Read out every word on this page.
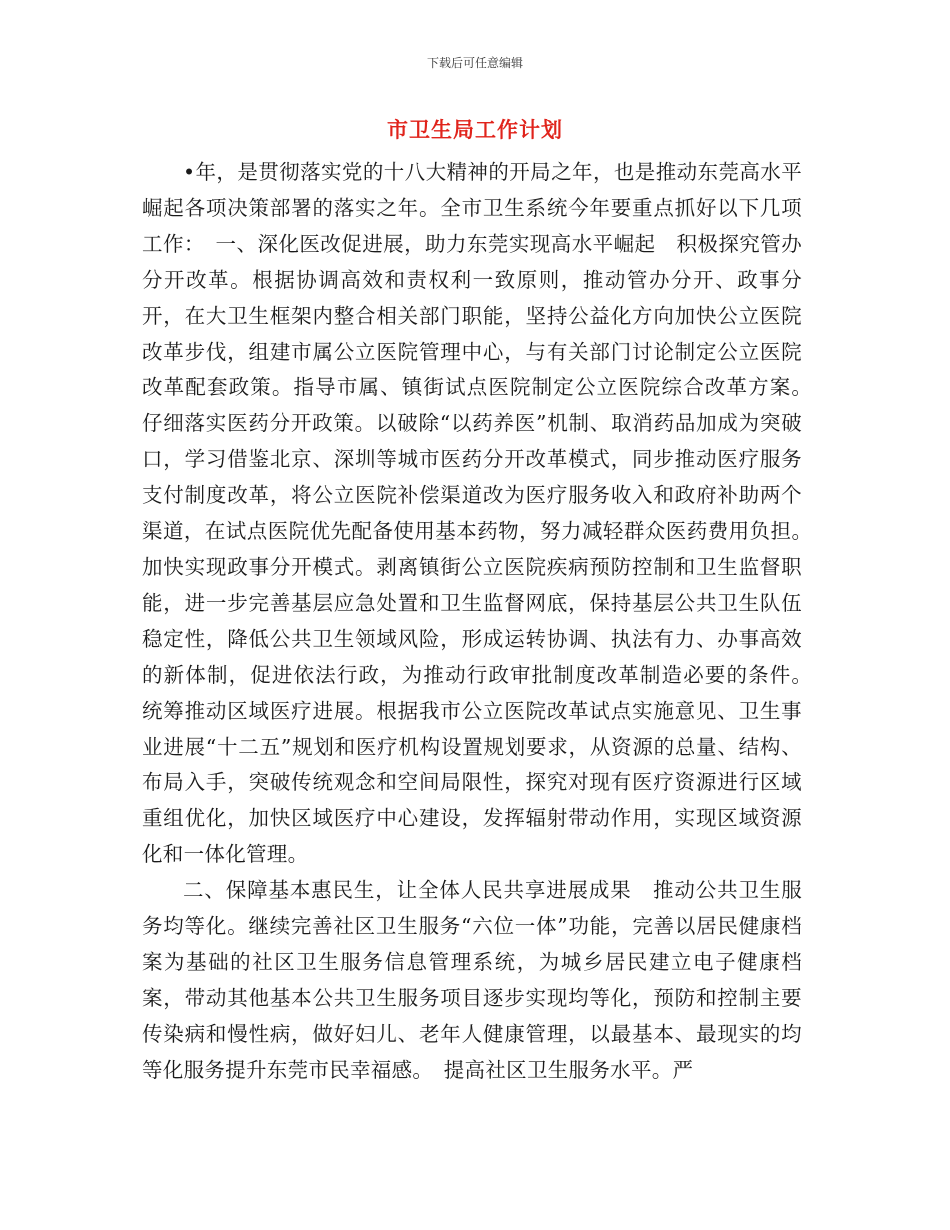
下载后可任意编辑
市卫生局工作计划

•年，是贯彻落实党的十八大精神的开局之年，也是推动东莞高水平崛起各项决策部署的落实之年。全市卫生系统今年要重点抓好以下几项工作：　一、深化医改促进展，助力东莞实现高水平崛起　积极探究管办分开改革。根据协调高效和责权利一致原则，推动管办分开、政事分开，在大卫生框架内整合相关部门职能，坚持公益化方向加快公立医院改革步伐，组建市属公立医院管理中心，与有关部门讨论制定公立医院改革配套政策。指导市属、镇街试点医院制定公立医院综合改革方案。　仔细落实医药分开政策。以破除“以药养医”机制、取消药品加成为突破口，学习借鉴北京、深圳等城市医药分开改革模式，同步推动医疗服务支付制度改革，将公立医院补偿渠道改为医疗服务收入和政府补助两个渠道，在试点医院优先配备使用基本药物，努力减轻群众医药费用负担。　加快实现政事分开模式。剥离镇街公立医院疾病预防控制和卫生监督职能，进一步完善基层应急处置和卫生监督网底，保持基层公共卫生队伍稳定性，降低公共卫生领域风险，形成运转协调、执法有力、办事高效的新体制，促进依法行政，为推动行政审批制度改革制造必要的条件。　统筹推动区域医疗进展。根据我市公立医院改革试点实施意见、卫生事业进展“十二五”规划和医疗机构设置规划要求，从资源的总量、结构、布局入手，突破传统观念和空间局限性，探究对现有医疗资源进行区域重组优化，加快区域医疗中心建设，发挥辐射带动作用，实现区域资源化和一体化管理。

二、保障基本惠民生，让全体人民共享进展成果　推动公共卫生服务均等化。继续完善社区卫生服务“六位一体”功能，完善以居民健康档案为基础的社区卫生服务信息管理系统，为城乡居民建立电子健康档案，带动其他基本公共卫生服务项目逐步实现均等化，预防和控制主要传染病和慢性病，做好妇儿、老年人健康管理，以最基本、最现实的均等化服务提升东莞市民幸福感。　提高社区卫生服务水平。严
